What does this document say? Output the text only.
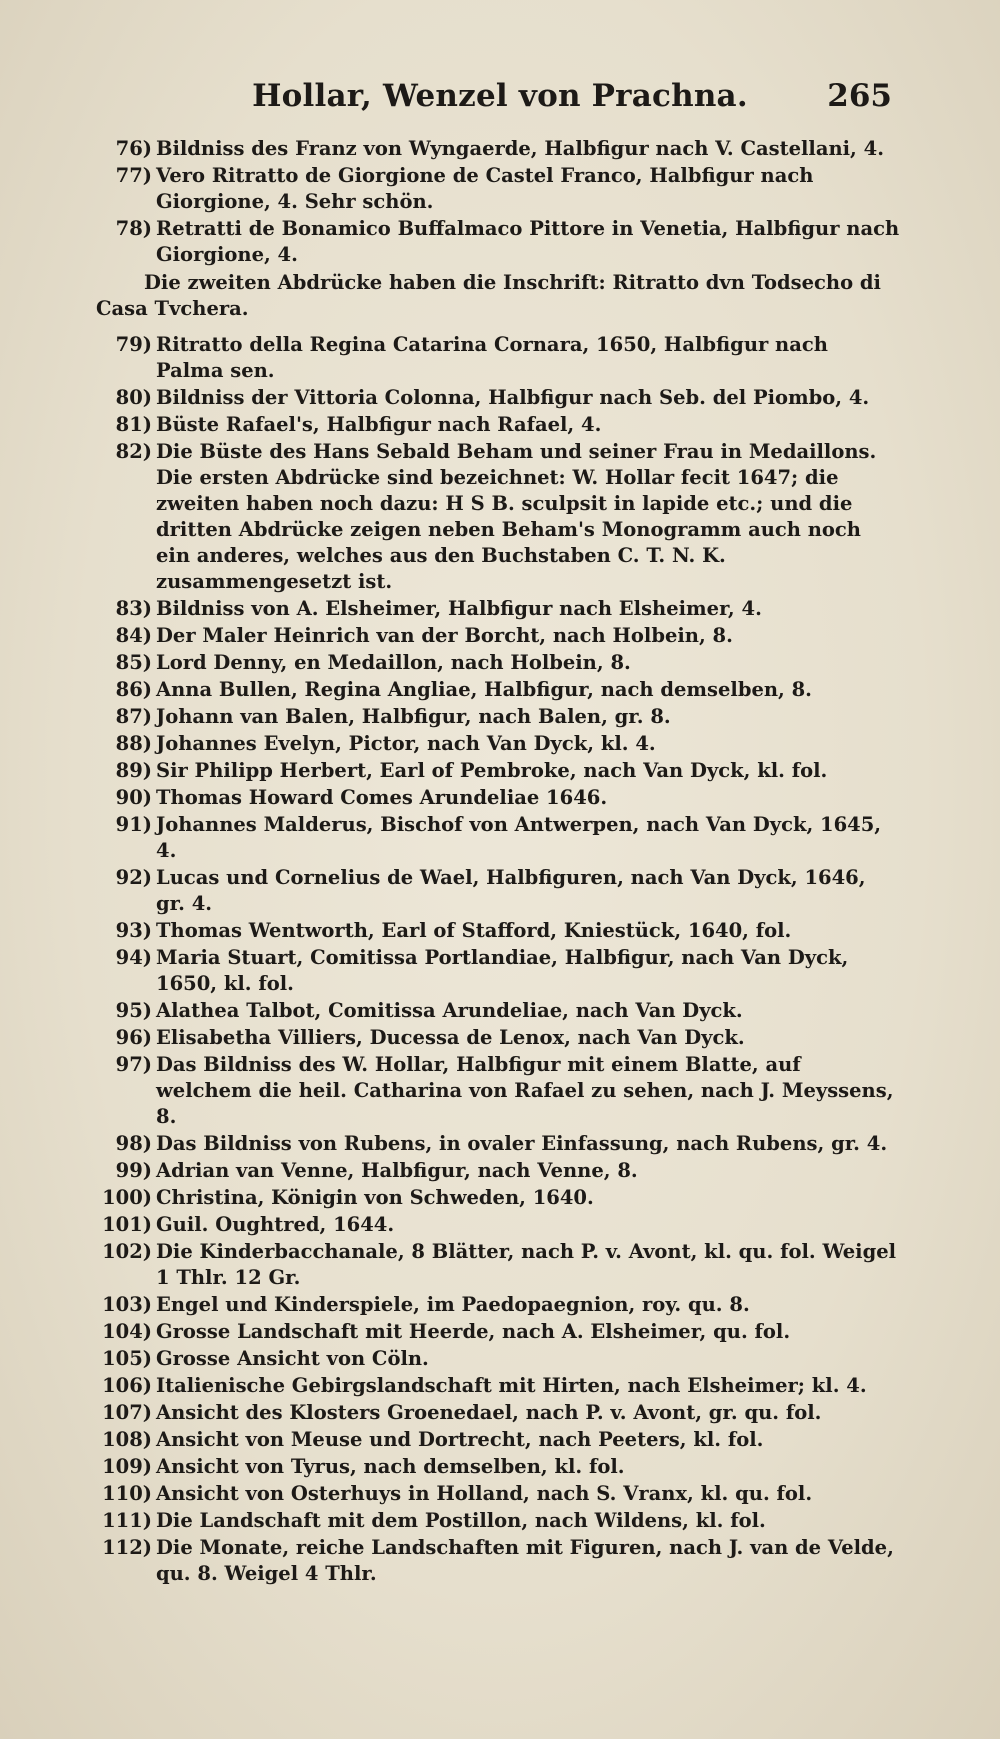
Hollar, Wenzel von Prachna.	265
76) Bildniss des Franz von Wyngaerde, Halbfigur nach V. Castellani, 4.
77) Vero Ritratto de Giorgione de Castel Franco, Halbfigur nach Giorgione, 4. Sehr schön.
78) Retratti de Bonamico Buffalmaco Pittore in Venetia, Halbfigur nach Giorgione, 4.
Die zweiten Abdrücke haben die Inschrift: Ritratto dvn Todsecho di Casa Tvchera.
79) Ritratto della Regina Catarina Cornara, 1650, Halbfigur nach Palma sen.
80) Bildniss der Vittoria Colonna, Halbfigur nach Seb. del Piombo, 4.
81) Büste Rafael's, Halbfigur nach Rafael, 4.
82) Die Büste des Hans Sebald Beham und seiner Frau in Medaillons. Die ersten Abdrücke sind bezeichnet: W. Hollar fecit 1647; die zweiten haben noch dazu: H S B. sculpsit in lapide etc.; und die dritten Abdrücke zeigen neben Beham's Monogramm auch noch ein anderes, welches aus den Buchstaben C. T. N. K. zusammengesetzt ist.
83) Bildniss von A. Elsheimer, Halbfigur nach Elsheimer, 4.
84) Der Maler Heinrich van der Borcht, nach Holbein, 8.
85) Lord Denny, en Medaillon, nach Holbein, 8.
86) Anna Bullen, Regina Angliae, Halbfigur, nach demselben, 8.
87) Johann van Balen, Halbfigur, nach Balen, gr. 8.
88) Johannes Evelyn, Pictor, nach Van Dyck, kl. 4.
89) Sir Philipp Herbert, Earl of Pembroke, nach Van Dyck, kl. fol.
90) Thomas Howard Comes Arundeliae 1646.
91) Johannes Malderus, Bischof von Antwerpen, nach Van Dyck, 1645, 4.
92) Lucas und Cornelius de Wael, Halbfiguren, nach Van Dyck, 1646, gr. 4.
93) Thomas Wentworth, Earl of Stafford, Kniestück, 1640, fol.
94) Maria Stuart, Comitissa Portlandiae, Halbfigur, nach Van Dyck, 1650, kl. fol.
95) Alathea Talbot, Comitissa Arundeliae, nach Van Dyck.
96) Elisabetha Villiers, Ducessa de Lenox, nach Van Dyck.
97) Das Bildniss des W. Hollar, Halbfigur mit einem Blatte, auf welchem die heil. Catharina von Rafael zu sehen, nach J. Meyssens, 8.
98) Das Bildniss von Rubens, in ovaler Einfassung, nach Rubens, gr. 4.
99) Adrian van Venne, Halbfigur, nach Venne, 8.
100) Christina, Königin von Schweden, 1640.
101) Guil. Oughtred, 1644.
102) Die Kinderbacchanale, 8 Blätter, nach P. v. Avont, kl. qu. fol. Weigel 1 Thlr. 12 Gr.
103) Engel und Kinderspiele, im Paedopaegnion, roy. qu. 8.
104) Grosse Landschaft mit Heerde, nach A. Elsheimer, qu. fol.
105) Grosse Ansicht von Cöln.
106) Italienische Gebirgslandschaft mit Hirten, nach Elsheimer; kl. 4.
107) Ansicht des Klosters Groenedael, nach P. v. Avont, gr. qu. fol.
108) Ansicht von Meuse und Dortrecht, nach Peeters, kl. fol.
109) Ansicht von Tyrus, nach demselben, kl. fol.
110) Ansicht von Osterhuys in Holland, nach S. Vranx, kl. qu. fol.
111) Die Landschaft mit dem Postillon, nach Wildens, kl. fol.
112) Die Monate, reiche Landschaften mit Figuren, nach J. van de Velde, qu. 8. Weigel 4 Thlr.
